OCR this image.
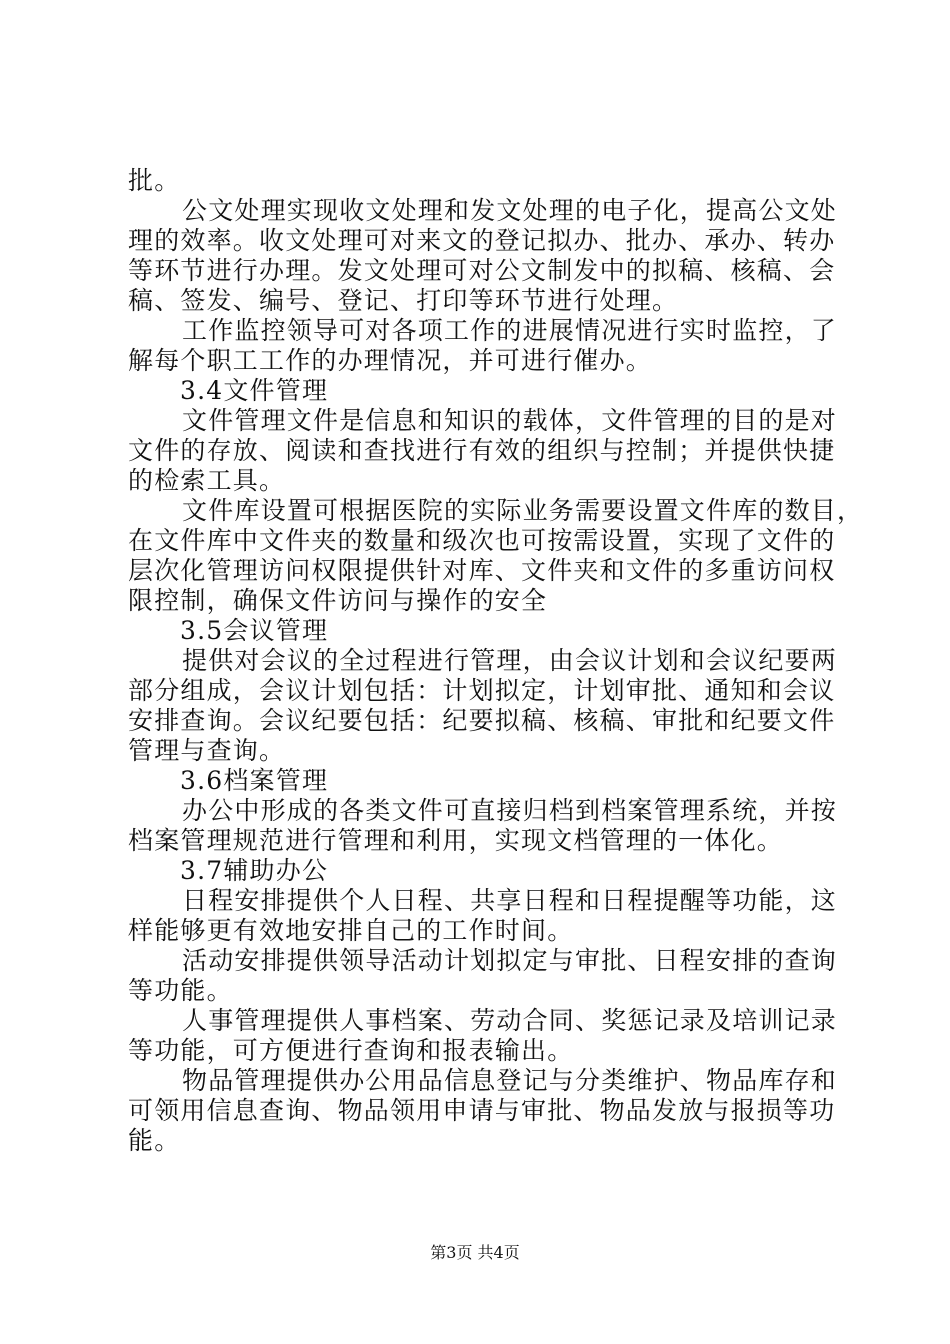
批。
公文处理实现收文处理和发文处理的电子化，提高公文处
理的效率。收文处理可对来文的登记拟办、批办、承办、转办
等环节进行办理。发文处理可对公文制发中的拟稿、核稿、会
稿、签发、编号、登记、打印等环节进行处理。
工作监控领导可对各项工作的进展情况进行实时监控，了
解每个职工工作的办理情况，并可进行催办。
3.4文件管理
文件管理文件是信息和知识的载体，文件管理的目的是对
文件的存放、阅读和查找进行有效的组织与控制；并提供快捷
的检索工具。
文件库设置可根据医院的实际业务需要设置文件库的数目，
在文件库中文件夹的数量和级次也可按需设置，实现了文件的
层次化管理访问权限提供针对库、文件夹和文件的多重访问权
限控制，确保文件访问与操作的安全
3.5会议管理
提供对会议的全过程进行管理，由会议计划和会议纪要两
部分组成，会议计划包括：计划拟定，计划审批、通知和会议
安排查询。会议纪要包括：纪要拟稿、核稿、审批和纪要文件
管理与查询。
3.6档案管理
办公中形成的各类文件可直接归档到档案管理系统，并按
档案管理规范进行管理和利用，实现文档管理的一体化。
3.7辅助办公
日程安排提供个人日程、共享日程和日程提醒等功能，这
样能够更有效地安排自己的工作时间。
活动安排提供领导活动计划拟定与审批、日程安排的查询
等功能。
人事管理提供人事档案、劳动合同、奖惩记录及培训记录
等功能，可方便进行查询和报表输出。
物品管理提供办公用品信息登记与分类维护、物品库存和
可领用信息查询、物品领用申请与审批、物品发放与报损等功
能。
第3页 共4页
